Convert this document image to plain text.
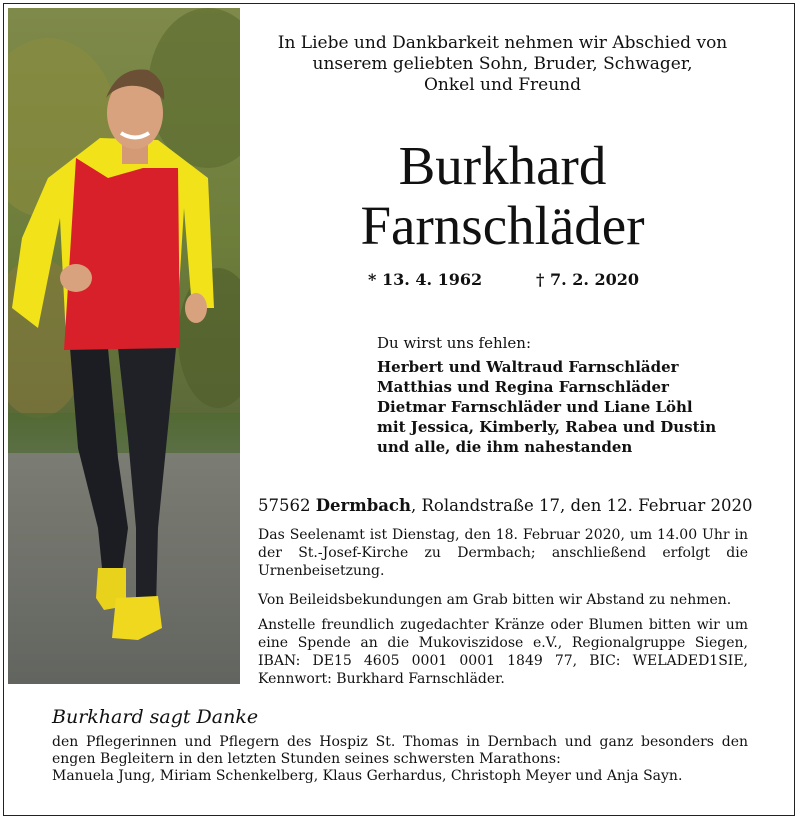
In Liebe und Dankbarkeit nehmen wir Abschied von
unserem geliebten Sohn, Bruder, Schwager,
Onkel und Freund
Burkhard
Farnschläder
* 13. 4. 1962	† 7. 2. 2020
Du wirst uns fehlen:
Herbert und Waltraud Farnschläder
Matthias und Regina Farnschläder
Dietmar Farnschläder und Liane Löhl
mit Jessica, Kimberly, Rabea und Dustin
und alle, die ihm nahestanden
57562 Dermbach, Rolandstraße 17, den 12. Februar 2020
Das Seelenamt ist Dienstag, den 18. Februar 2020, um 14.00 Uhr in der St.-Josef-Kirche zu Dermbach; anschließend erfolgt die Urnenbeisetzung.
Von Beileidsbekundungen am Grab bitten wir Abstand zu nehmen.
Anstelle freundlich zugedachter Kränze oder Blumen bitten wir um eine Spende an die Mukoviszidose e.V., Regionalgruppe Siegen, IBAN: DE15 4605 0001 0001 1849 77, BIC: WELADED1SIE, Kennwort: Burkhard Farnschläder.
Burkhard sagt Danke
den Pflegerinnen und Pflegern des Hospiz St. Thomas in Dernbach und ganz besonders den engen Begleitern in den letzten Stunden seines schwersten Marathons:
Manuela Jung, Miriam Schenkelberg, Klaus Gerhardus, Christoph Meyer und Anja Sayn.
